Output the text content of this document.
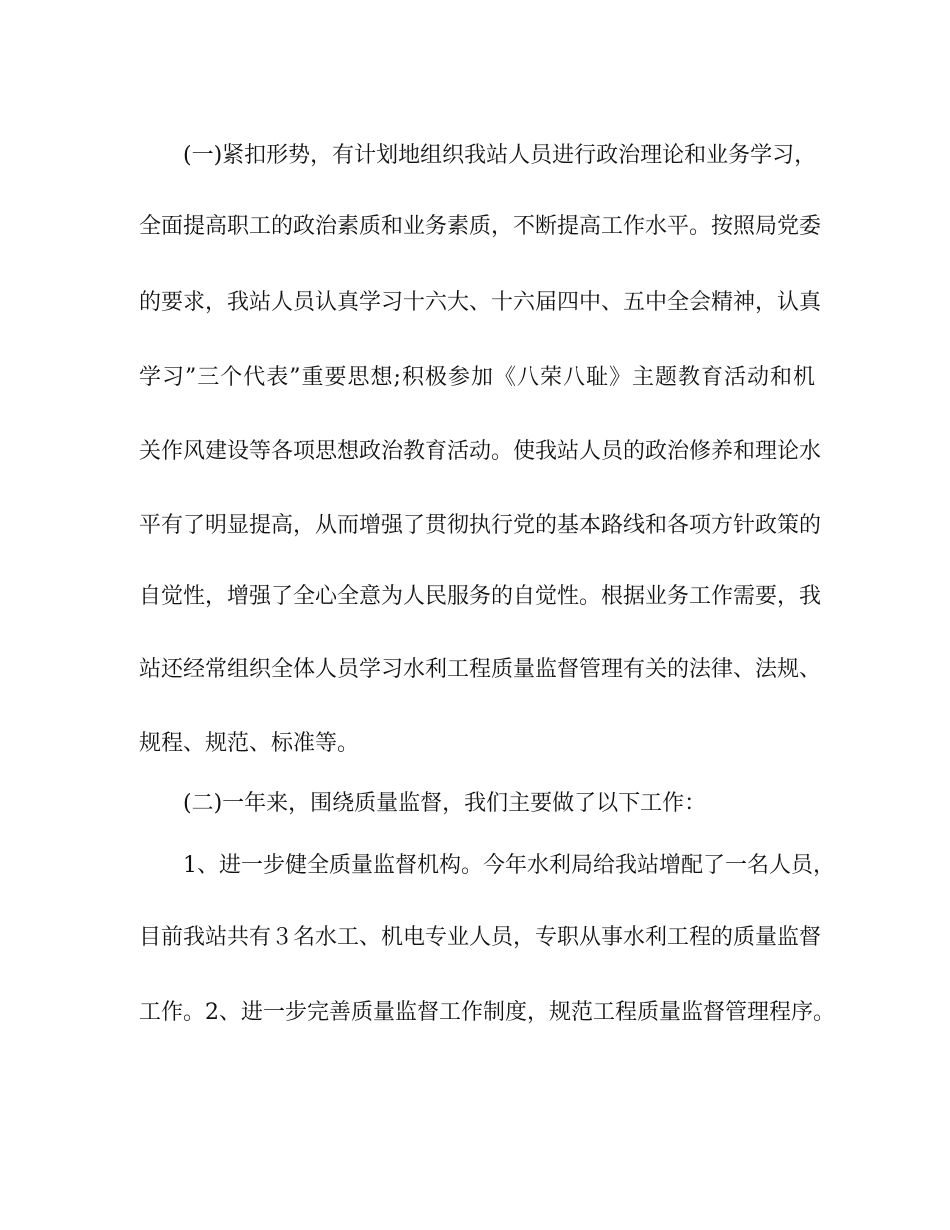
(一)紧扣形势，有计划地组织我站人员进行政治理论和业务学习，
全面提高职工的政治素质和业务素质，不断提高工作水平。按照局党委
的要求，我站人员认真学习十六大、十六届四中、五中全会精神，认真
学习”三个代表”重要思想;积极参加《八荣八耻》主题教育活动和机
关作风建设等各项思想政治教育活动。使我站人员的政治修养和理论水
平有了明显提高，从而增强了贯彻执行党的基本路线和各项方针政策的
自觉性，增强了全心全意为人民服务的自觉性。根据业务工作需要，我
站还经常组织全体人员学习水利工程质量监督管理有关的法律、法规、
规程、规范、标准等。
(二)一年来，围绕质量监督，我们主要做了以下工作：
1、进一步健全质量监督机构。今年水利局给我站增配了一名人员，
目前我站共有３名水工、机电专业人员，专职从事水利工程的质量监督
工作。2、进一步完善质量监督工作制度，规范工程质量监督管理程序。
